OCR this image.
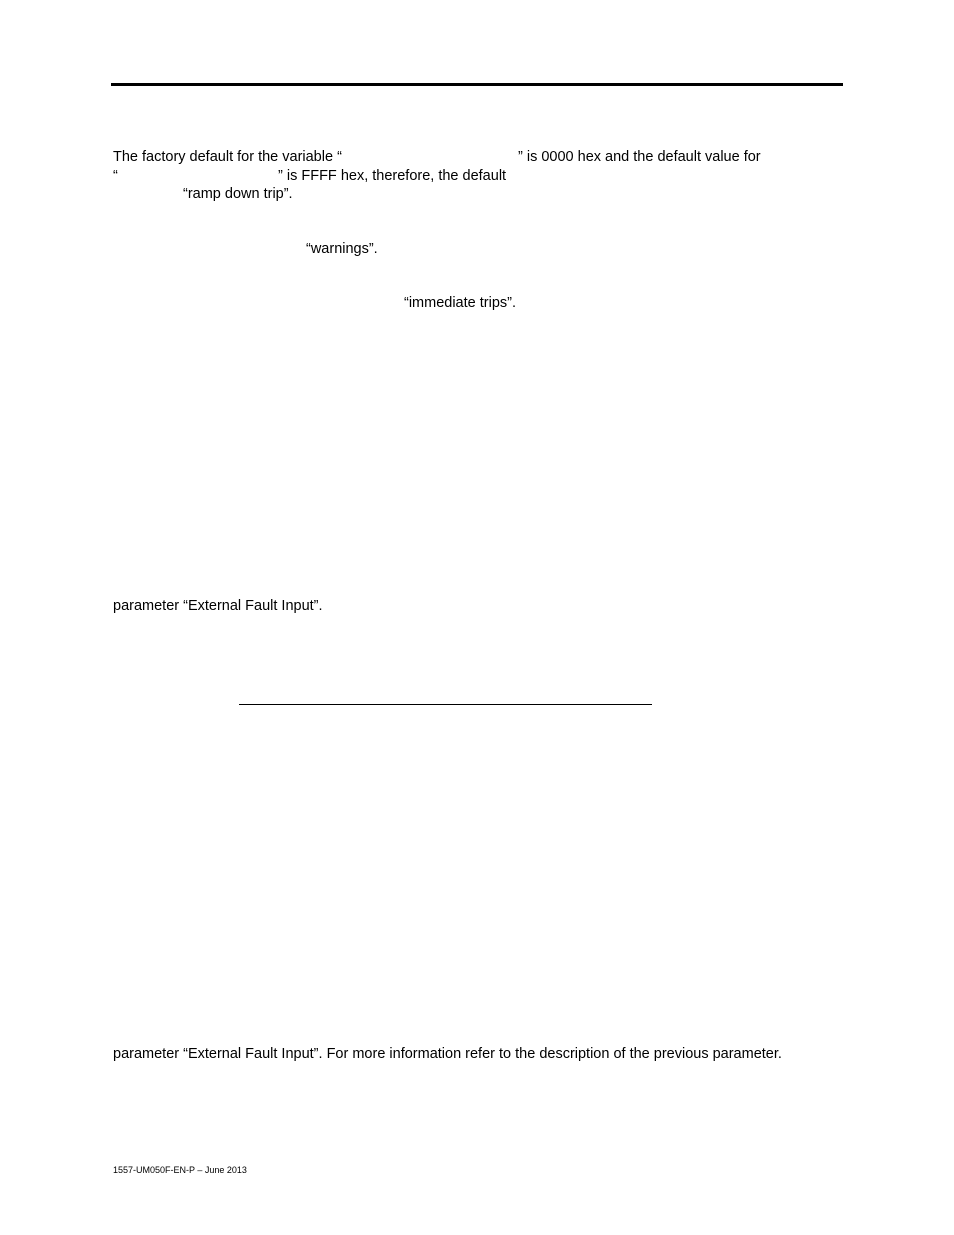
The factory default for the variable “	” is 0000 hex and the default value for
“	” is FFFF hex, therefore, the default
“ramp down trip”.
“warnings”.
“immediate trips”.
parameter “External Fault Input”.
parameter “External Fault Input”. For more information refer to the description of the previous parameter.
1557-UM050F-EN-P – June 2013
